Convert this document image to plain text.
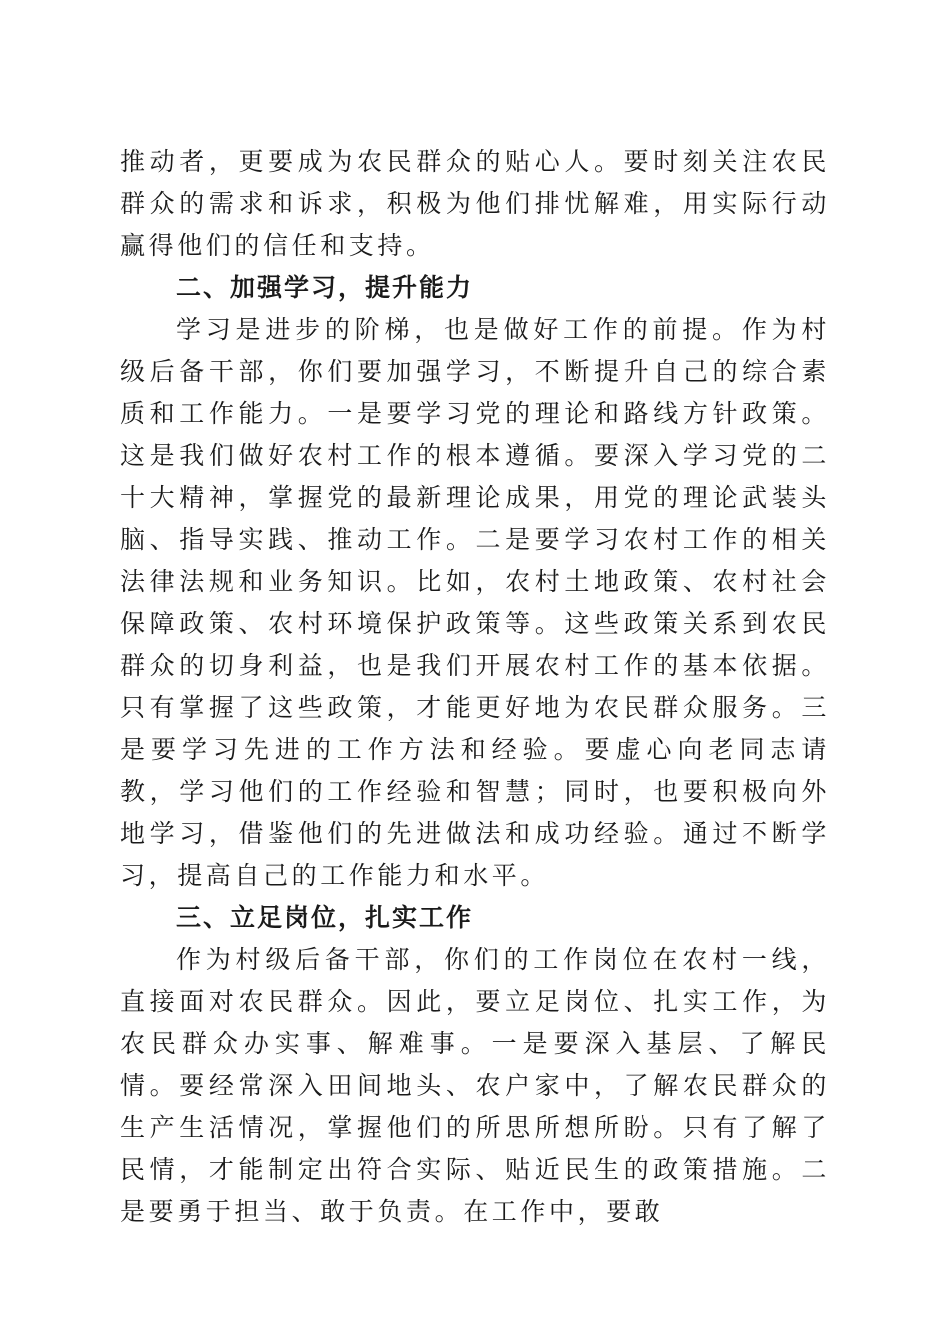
推动者，更要成为农民群众的贴心人。要时刻关注农民群众的需求和诉求，积极为他们排忧解难，用实际行动赢得他们的信任和支持。

二、加强学习，提升能力

学习是进步的阶梯，也是做好工作的前提。作为村级后备干部，你们要加强学习，不断提升自己的综合素质和工作能力。一是要学习党的理论和路线方针政策。这是我们做好农村工作的根本遵循。要深入学习党的二十大精神，掌握党的最新理论成果，用党的理论武装头脑、指导实践、推动工作。二是要学习农村工作的相关法律法规和业务知识。比如，农村土地政策、农村社会保障政策、农村环境保护政策等。这些政策关系到农民群众的切身利益，也是我们开展农村工作的基本依据。只有掌握了这些政策，才能更好地为农民群众服务。三是要学习先进的工作方法和经验。要虚心向老同志请教，学习他们的工作经验和智慧；同时，也要积极向外地学习，借鉴他们的先进做法和成功经验。通过不断学习，提高自己的工作能力和水平。

三、立足岗位，扎实工作

作为村级后备干部，你们的工作岗位在农村一线，直接面对农民群众。因此，要立足岗位、扎实工作，为农民群众办实事、解难事。一是要深入基层、了解民情。要经常深入田间地头、农户家中，了解农民群众的生产生活情况，掌握他们的所思所想所盼。只有了解了民情，才能制定出符合实际、贴近民生的政策措施。二是要勇于担当、敢于负责。在工作中，要敢
